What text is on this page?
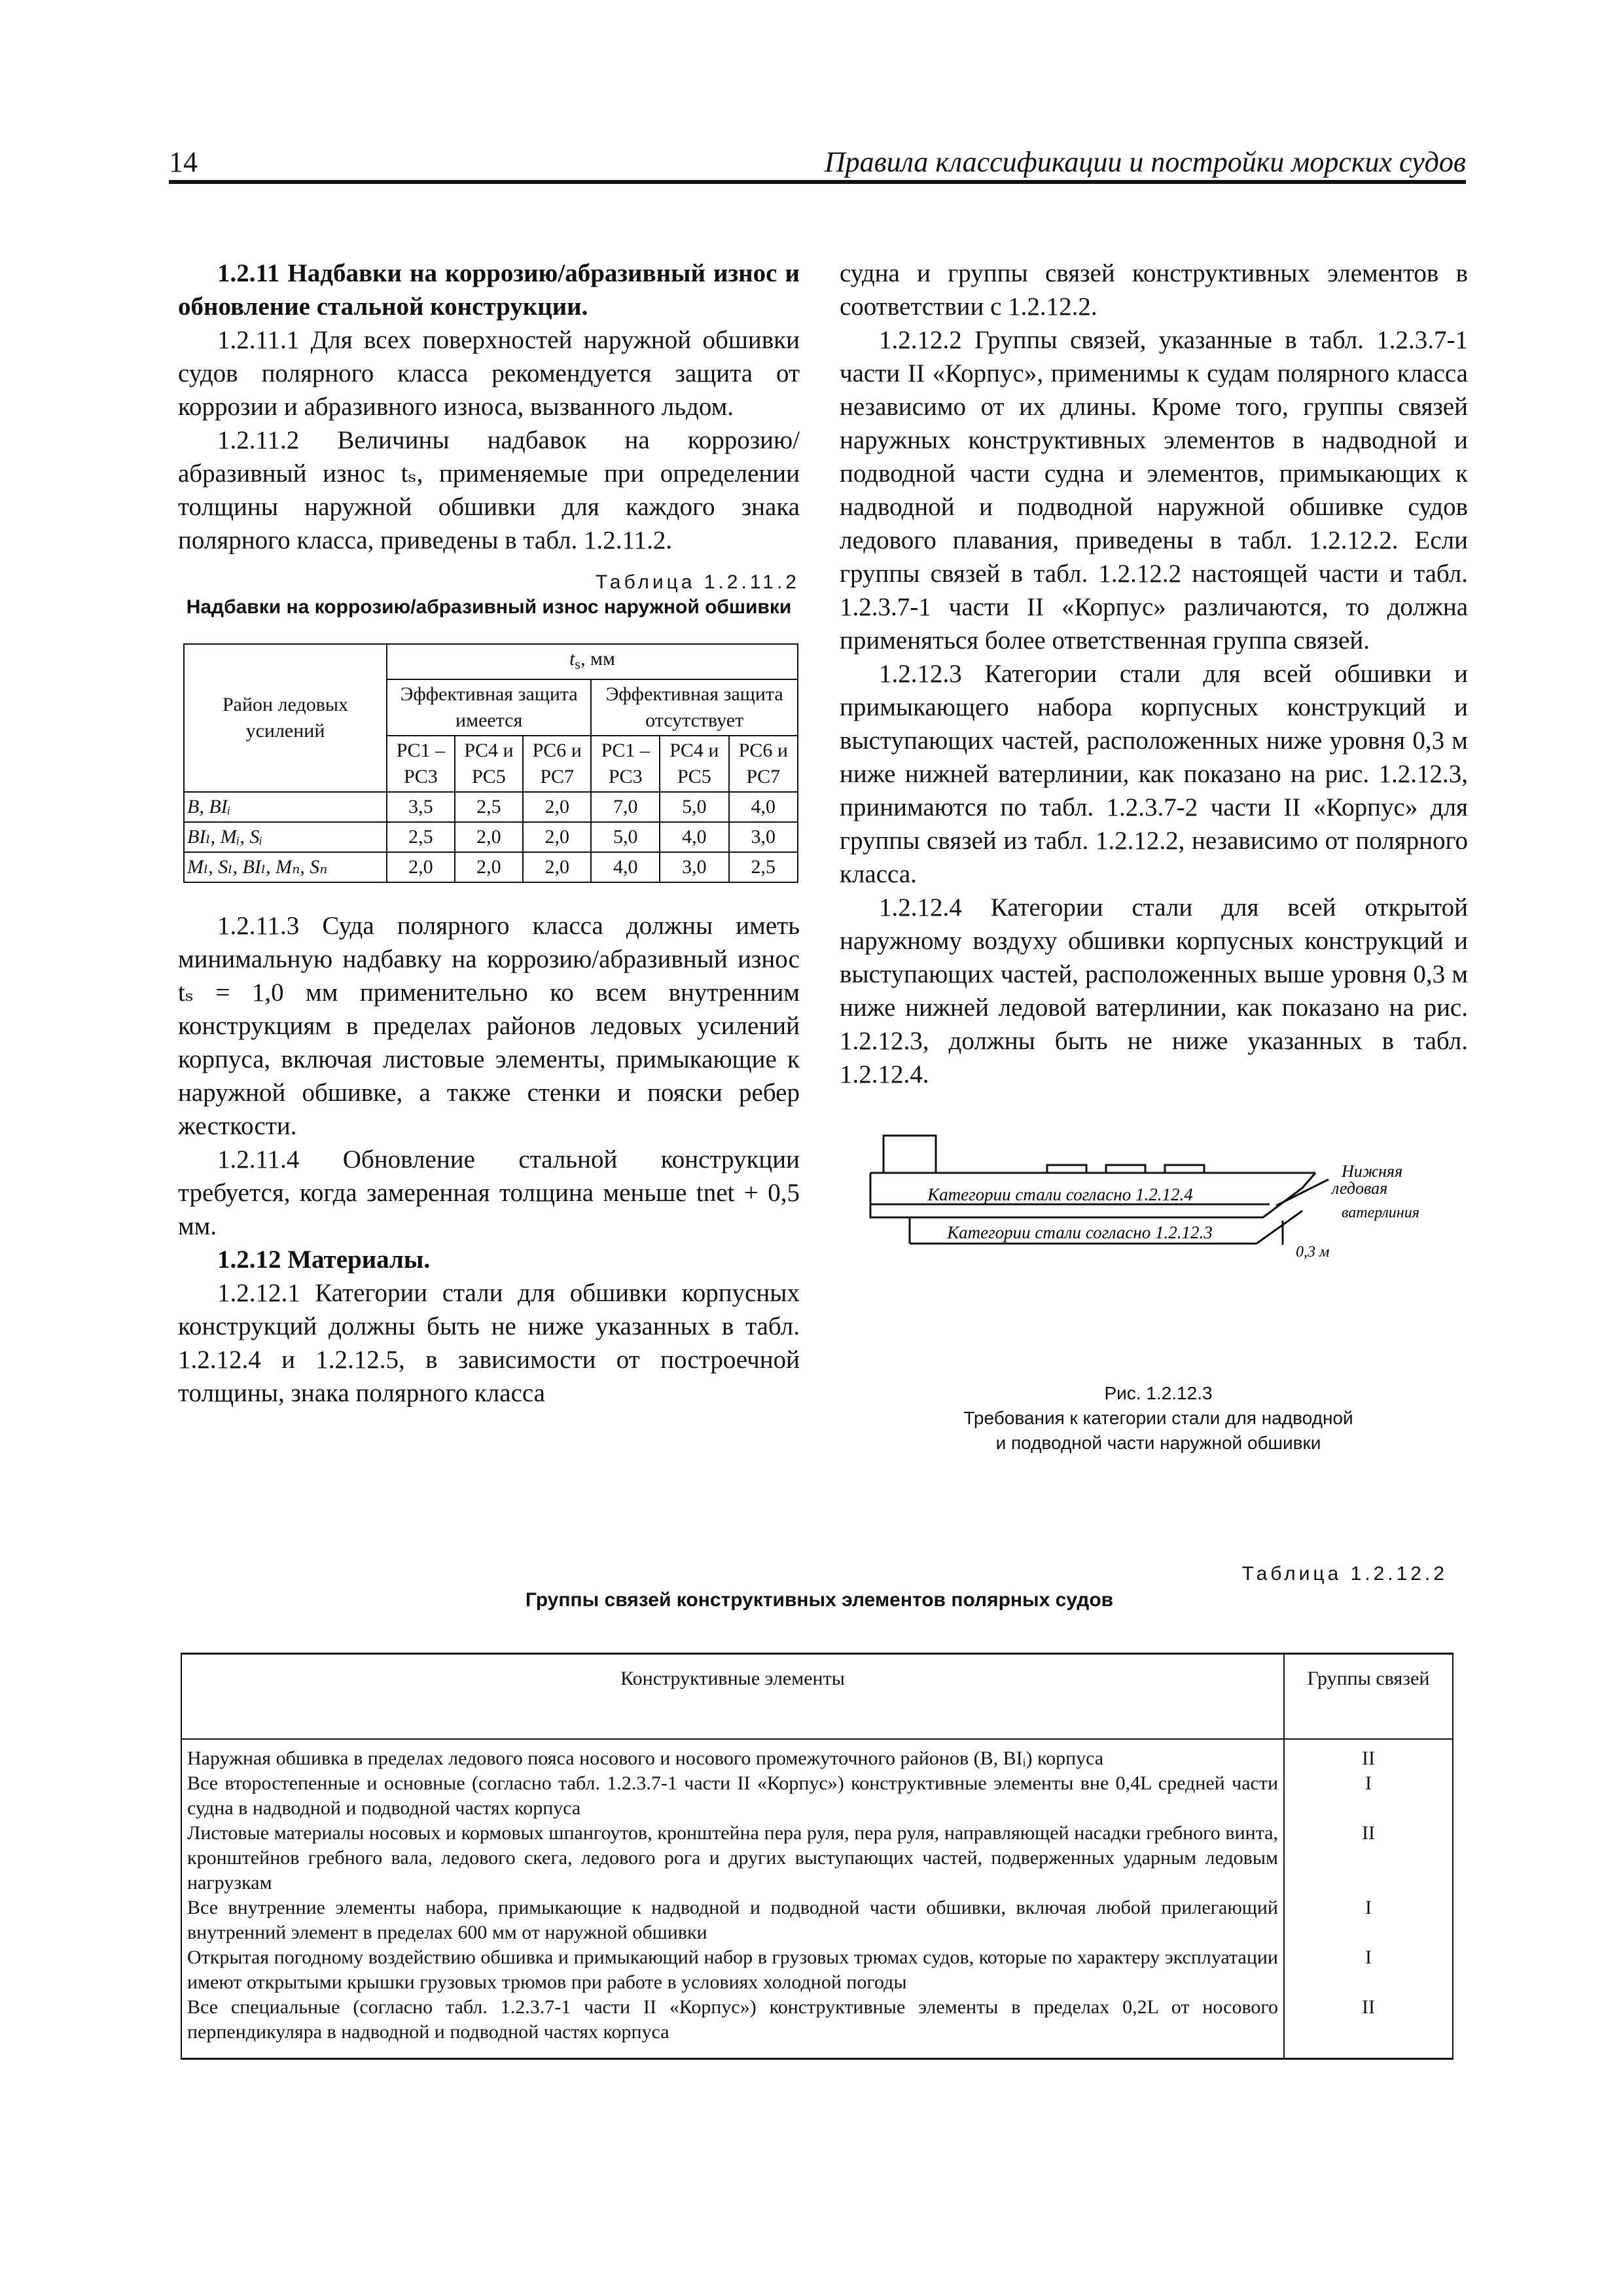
14	Правила классификации и постройки морских судов

1.2.11 Надбавки на коррозию/абразивный износ и обновление стальной конструкции.

1.2.11.1 Для всех поверхностей наружной обшивки судов полярного класса рекомендуется защита от коррозии и абразивного износа, вызванного льдом.

1.2.11.2 Величины надбавок на коррозию/ абразивный износ tₛ, применяемые при определении толщины наружной обшивки для каждого знака полярного класса, приведены в табл. 1.2.11.2.

Таблица 1.2.11.2
Надбавки на коррозию/абразивный износ наружной обшивки
Район ледовых усилений	$t_s$, мм					
	Эффективная защита имеется			Эффективная защита отсутствует		
	PC1 – PC3	PC4 и PC5	PC6 и PC7	PC1 – PC3	PC4 и PC5	PC6 и PC7
B, BIᵢ	3,5	2,5	2,0	7,0	5,0	4,0
BIₗ, Mᵢ, Sᵢ	2,5	2,0	2,0	5,0	4,0	3,0
Mₗ, Sₗ, BIₗ, Mₙ, Sₙ	2,0	2,0	2,0	4,0	3,0	2,5

1.2.11.3 Суда полярного класса должны иметь минимальную надбавку на коррозию/абразивный износ tₛ = 1,0 мм применительно ко всем внутренним конструкциям в пределах районов ледовых усилений корпуса, включая листовые элементы, примыкающие к наружной обшивке, а также стенки и пояски ребер жесткости.

1.2.11.4 Обновление стальной конструкции требуется, когда замеренная толщина меньше tnet + 0,5 мм.

1.2.12 Материалы.

1.2.12.1 Категории стали для обшивки корпусных конструкций должны быть не ниже указанных в табл. 1.2.12.4 и 1.2.12.5, в зависимости от построечной толщины, знака полярного класса

судна и группы связей конструктивных элементов в соответствии с 1.2.12.2.

1.2.12.2 Группы связей, указанные в табл. 1.2.3.7-1 части II «Корпус», применимы к судам полярного класса независимо от их длины. Кроме того, группы связей наружных конструктивных элементов в надводной и подводной части судна и элементов, примыкающих к надводной и подводной наружной обшивке судов ледового плавания, приведены в табл. 1.2.12.2. Если группы связей в табл. 1.2.12.2 настоящей части и табл. 1.2.3.7-1 части II «Корпус» различаются, то должна применяться более ответственная группа связей.

1.2.12.3 Категории стали для всей обшивки и примыкающего набора корпусных конструкций и выступающих частей, расположенных ниже уровня 0,3 м ниже нижней ватерлинии, как показано на рис. 1.2.12.3, принимаются по табл. 1.2.3.7-2 части II «Корпус» для группы связей из табл. 1.2.12.2, независимо от полярного класса.

1.2.12.4 Категории стали для всей открытой наружному воздуху обшивки корпусных конструкций и выступающих частей, расположенных выше уровня 0,3 м ниже нижней ледовой ватерлинии, как показано на рис. 1.2.12.3, должны быть не ниже указанных в табл. 1.2.12.4.

Категории стали согласно 1.2.12.4
Категории стали согласно 1.2.12.3
Нижняя
ледовая
ватерлиния
0,3 м
Рис. 1.2.12.3
Требования к категории стали для надводной
и подводной части наружной обшивки
Таблица 1.2.12.2
Группы связей конструктивных элементов полярных судов
Конструктивные элементы	Группы связей
Наружная обшивка в пределах ледового пояса носового и носового промежуточного районов (B, BIᵢ) корпуса	II
Все второстепенные и основные (согласно табл. 1.2.3.7-1 части II «Корпус») конструктивные элементы вне 0,4L средней части судна в надводной и подводной частях корпуса	I
Листовые материалы носовых и кормовых шпангоутов, кронштейна пера руля, пера руля, направляющей насадки гребного винта, кронштейнов гребного вала, ледового скега, ледового рога и других выступающих частей, подверженных ударным ледовым нагрузкам	II
Все внутренние элементы набора, примыкающие к надводной и подводной части обшивки, включая любой прилегающий внутренний элемент в пределах 600 мм от наружной обшивки	I
Открытая погодному воздействию обшивка и примыкающий набор в грузовых трюмах судов, которые по характеру эксплуатации имеют открытыми крышки грузовых трюмов при работе в условиях холодной погоды	I
Все специальные (согласно табл. 1.2.3.7-1 части II «Корпус») конструктивные элементы в пределах 0,2L от носового перпендикуляра в надводной и подводной частях корпуса	II
